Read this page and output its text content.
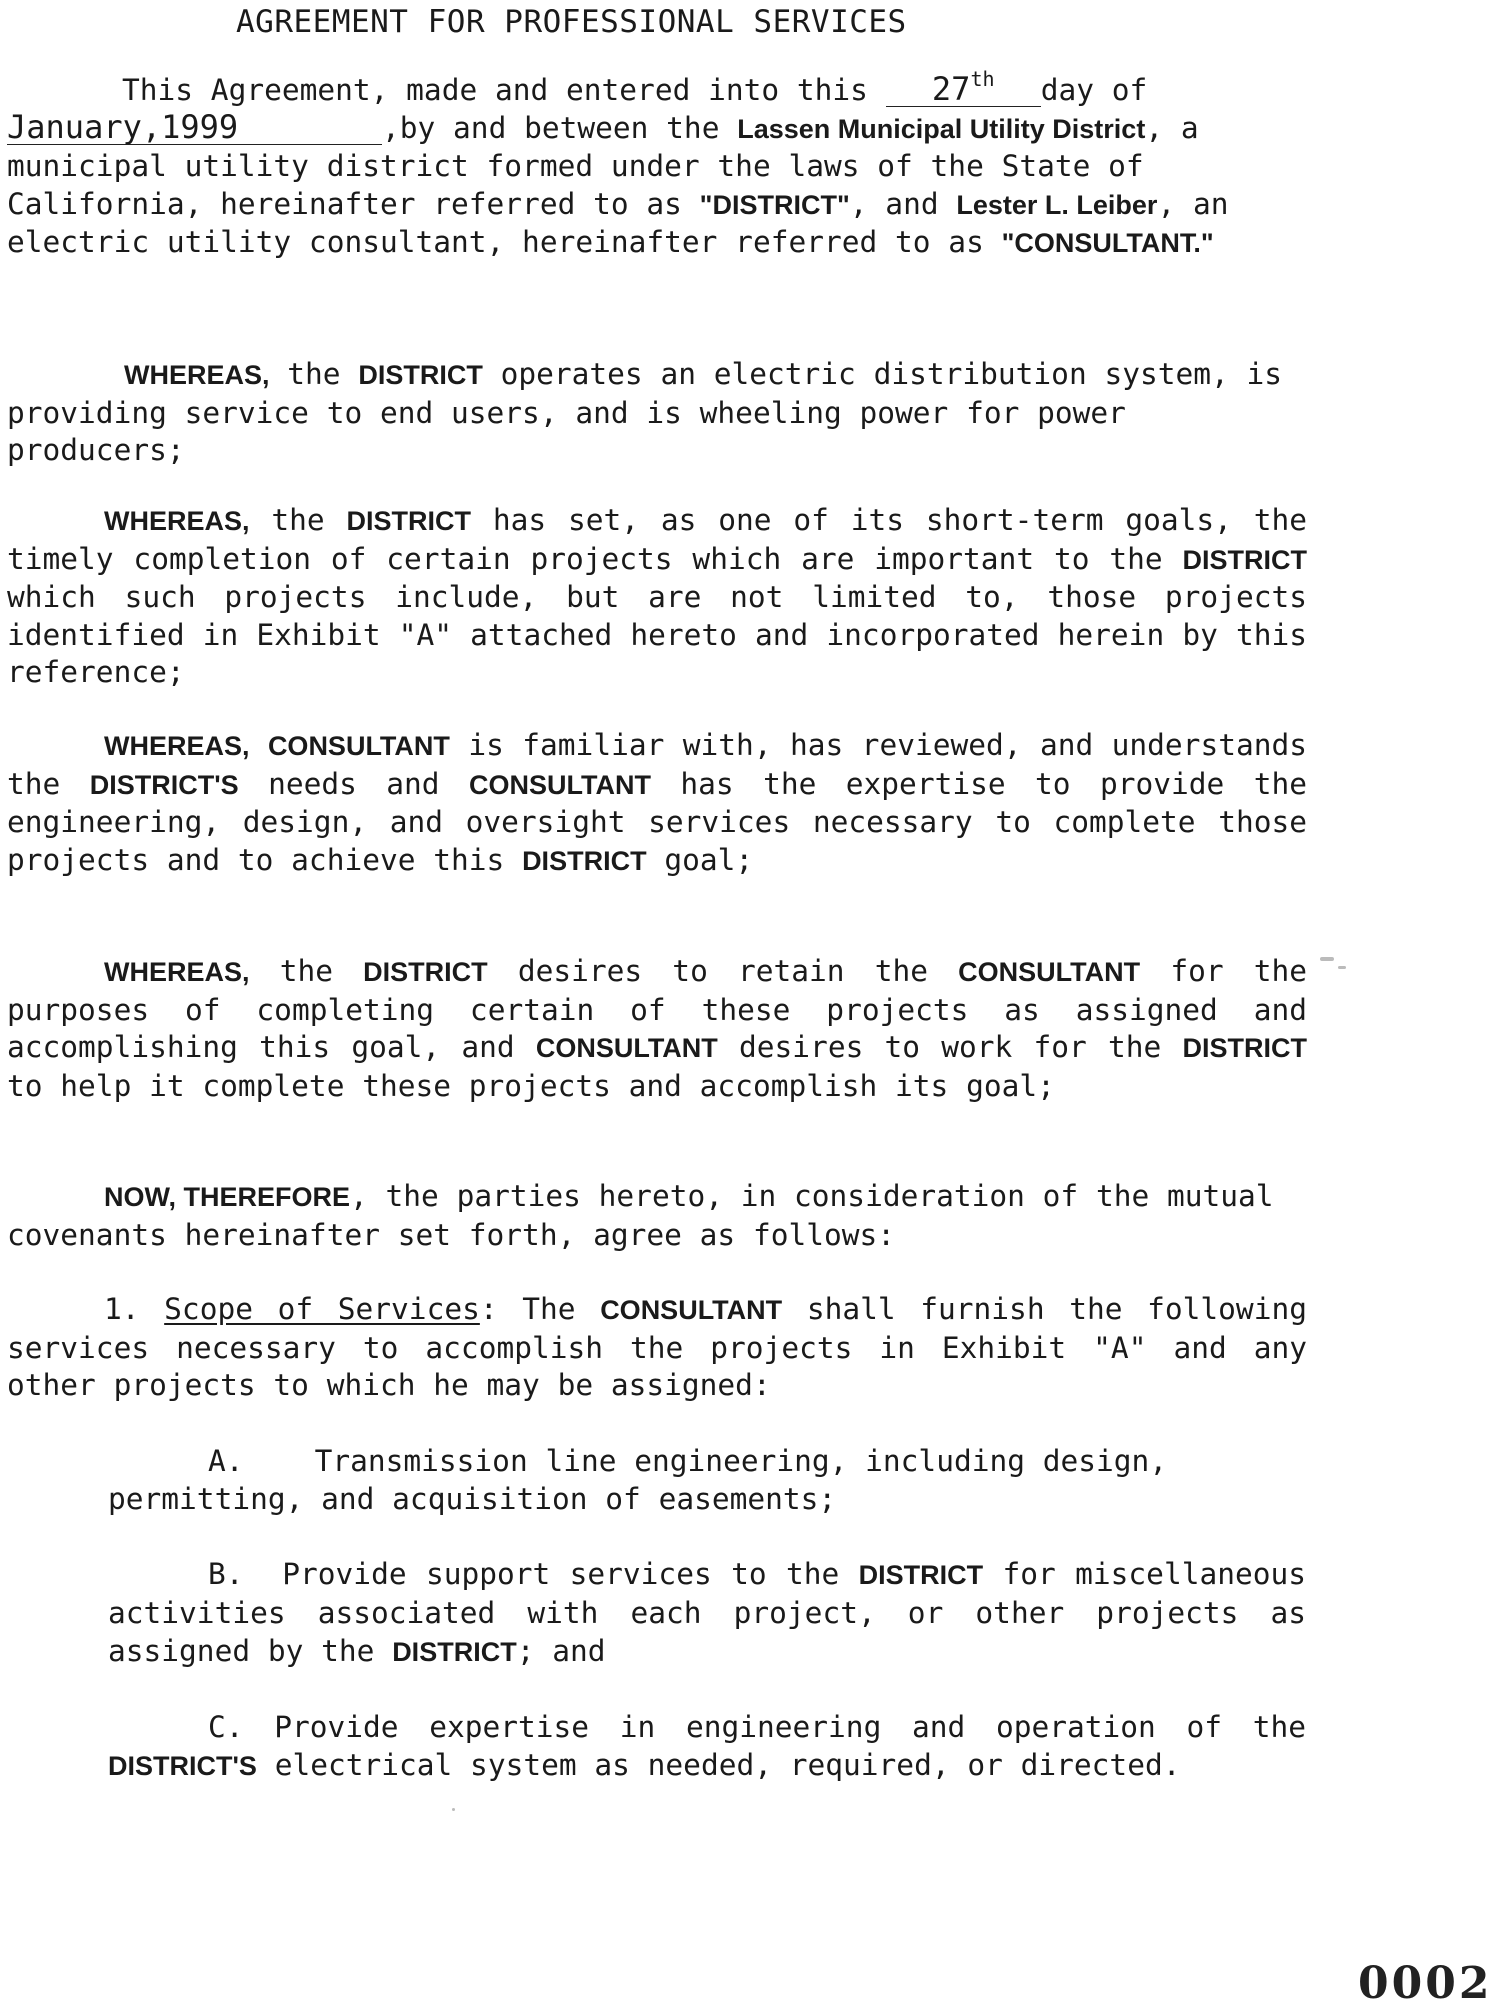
AGREEMENT FOR PROFESSIONAL SERVICES

This Agreement, made and entered into this 27th day of
January,1999	,by and between the Lassen Municipal Utility District, a municipal utility district formed under the laws of the State of California, hereinafter referred to as "DISTRICT", and Lester L. Leiber, an electric utility consultant, hereinafter referred to as "CONSULTANT."

WHEREAS, the DISTRICT operates an electric distribution system, is providing service to end users, and is wheeling power for power producers;

WHEREAS, the DISTRICT has set, as one of its short-term goals, the timely completion of certain projects which are important to the DISTRICT which such projects include, but are not limited to, those projects identified in Exhibit "A" attached hereto and incorporated herein by this reference;

WHEREAS, CONSULTANT is familiar with, has reviewed, and understands the DISTRICT'S needs and CONSULTANT has the expertise to provide the engineering, design, and oversight services necessary to complete those projects and to achieve this DISTRICT goal;

WHEREAS, the DISTRICT desires to retain the CONSULTANT for the purposes of completing certain of these projects as assigned and accomplishing this goal, and CONSULTANT desires to work for the DISTRICT to help it complete these projects and accomplish its goal;

NOW, THEREFORE, the parties hereto, in consideration of the mutual covenants hereinafter set forth, agree as follows:

1. Scope of Services: The CONSULTANT shall furnish the following services necessary to accomplish the projects in Exhibit "A" and any other projects to which he may be assigned:

A. Transmission line engineering, including design, permitting, and acquisition of easements;

B. Provide support services to the DISTRICT for miscellaneous activities associated with each project, or other projects as assigned by the DISTRICT; and

C. Provide expertise in engineering and operation of the DISTRICT'S electrical system as needed, required, or directed.

0002
